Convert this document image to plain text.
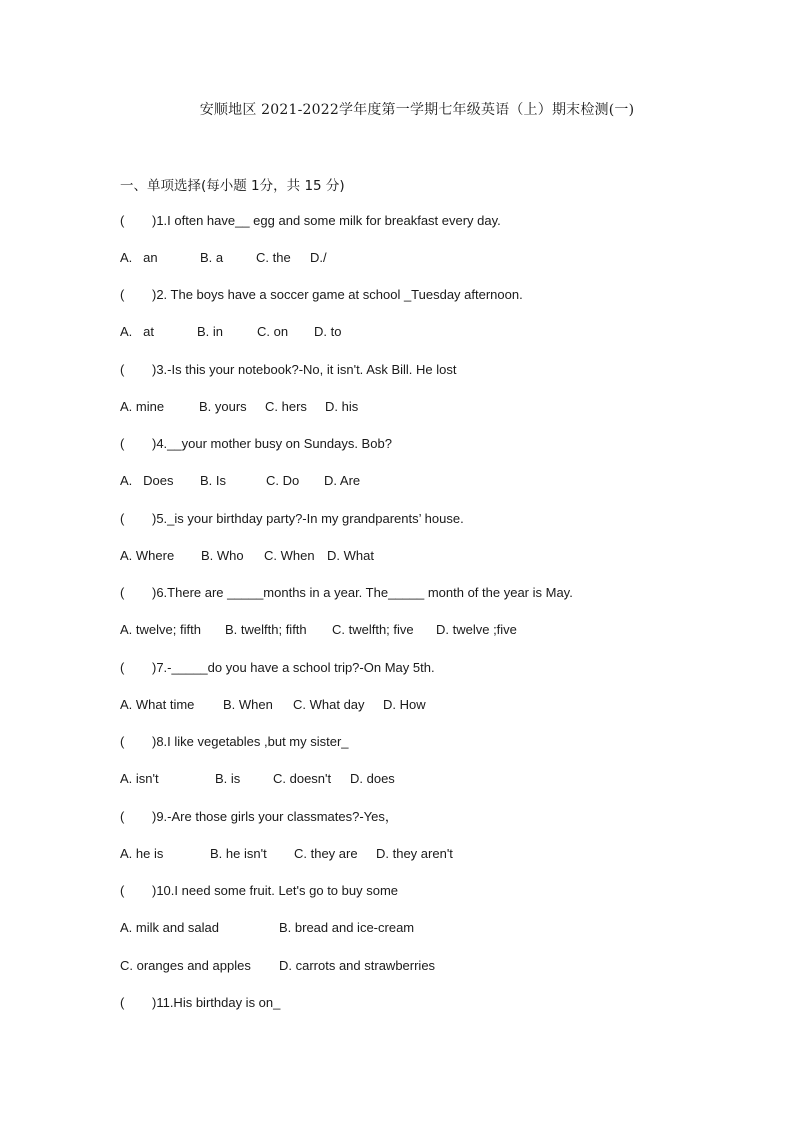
安顺地区 2021-2022学年度第一学期七年级英语（上）期末检测(一)
一、单项选择(每小题 1分，共 15 分)
( )1.I often have__ egg and some milk for breakfast every day.
A.   an	B. a	C. the D./
( )2. The boys have a soccer game at school _Tuesday afternoon.
A.   at	B. in	C. on D. to
( )3.-Is this your notebook?-No, it isn't. Ask Bill. He lost
A. mine	B. yours C. hers D. his
( )4.__your mother busy on Sundays. Bob?
A.   Does B. Is	C. Do D. Are
( )5._is your birthday party?-In my grandparents’ house.
A. Where B. Who C. When D. What
( )6.There are _____months in a year. The_____ month of the year is May.
A. twelve; fifth B. twelfth; fifth C. twelfth; five D. twelve ;five
( )7.-_____do you have a school trip?-On May 5th.
A. What time B. When C. What day D. How
( )8.I like vegetables ,but my sister_
A. isn't	B. is	C. doesn't D. does
( )9.-Are those girls your classmates?-Yes，
A. he is	B. he isn't C. they are D. they aren't
( )10.I need some fruit. Let's go to buy some
A. milk and salad	B. bread and ice-cream
C. oranges and apples D. carrots and strawberries
( )11.His birthday is on_
